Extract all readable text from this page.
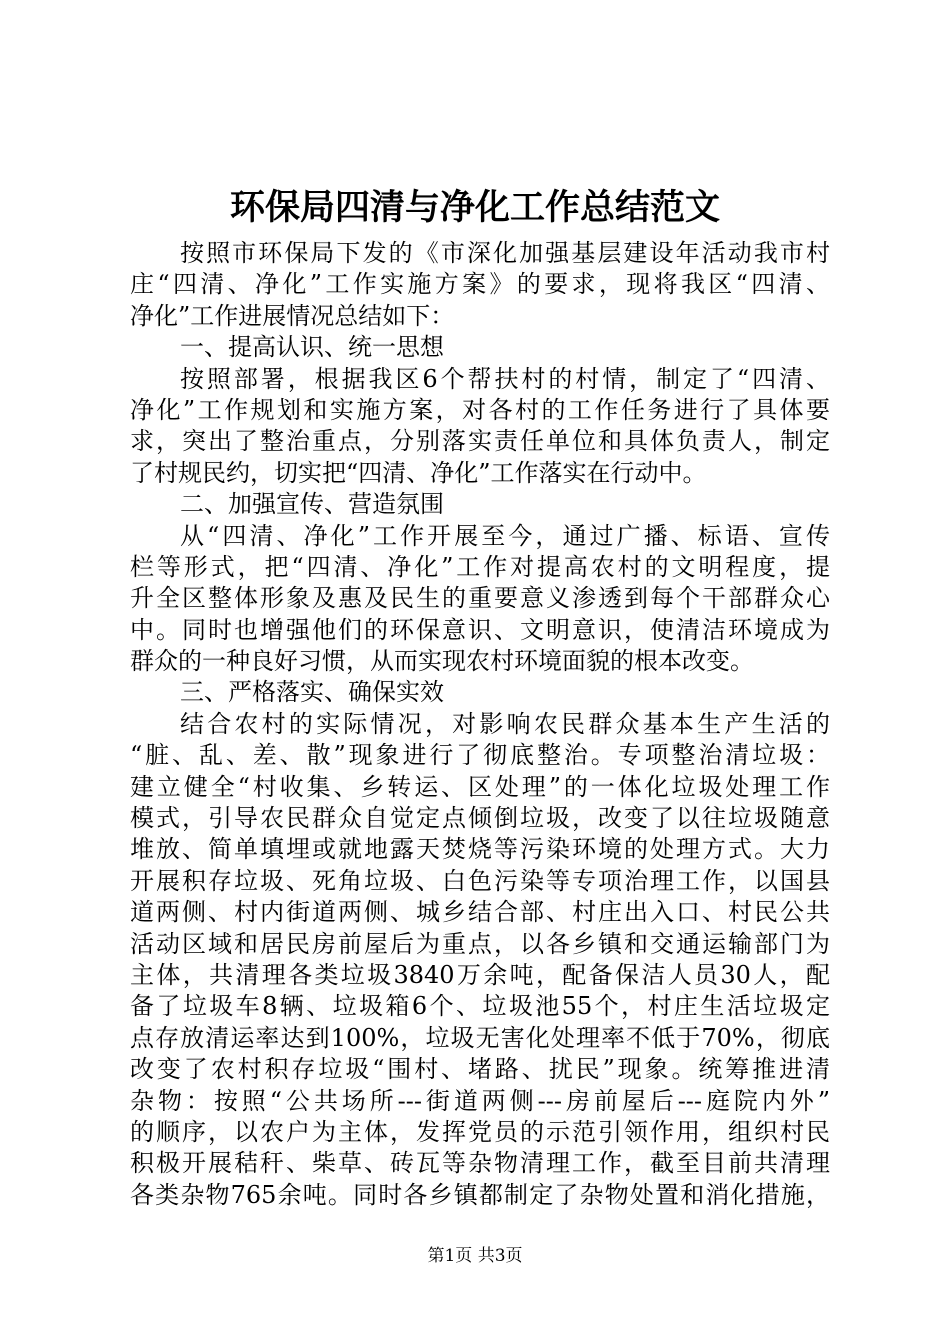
环保局四清与净化工作总结范文
按照市环保局下发的《市深化加强基层建设年活动我市村
庄“四清、净化”工作实施方案》的要求，现将我区“四清、
净化”工作进展情况总结如下：
一、提高认识、统一思想
按照部署，根据我区6个帮扶村的村情，制定了“四清、
净化”工作规划和实施方案，对各村的工作任务进行了具体要
求，突出了整治重点，分别落实责任单位和具体负责人，制定
了村规民约，切实把“四清、净化”工作落实在行动中。
二、加强宣传、营造氛围
从“四清、净化”工作开展至今，通过广播、标语、宣传
栏等形式，把“四清、净化”工作对提高农村的文明程度，提
升全区整体形象及惠及民生的重要意义渗透到每个干部群众心
中。同时也增强他们的环保意识、文明意识，使清洁环境成为
群众的一种良好习惯，从而实现农村环境面貌的根本改变。
三、严格落实、确保实效
结合农村的实际情况，对影响农民群众基本生产生活的
“脏、乱、差、散”现象进行了彻底整治。专项整治清垃圾：
建立健全“村收集、乡转运、区处理”的一体化垃圾处理工作
模式，引导农民群众自觉定点倾倒垃圾，改变了以往垃圾随意
堆放、简单填埋或就地露天焚烧等污染环境的处理方式。大力
开展积存垃圾、死角垃圾、白色污染等专项治理工作，以国县
道两侧、村内街道两侧、城乡结合部、村庄出入口、村民公共
活动区域和居民房前屋后为重点，以各乡镇和交通运输部门为
主体，共清理各类垃圾3840万余吨，配备保洁人员30人，配
备了垃圾车8辆、垃圾箱6个、垃圾池55个，村庄生活垃圾定
点存放清运率达到100%，垃圾无害化处理率不低于70%，彻底
改变了农村积存垃圾“围村、堵路、扰民”现象。统筹推进清
杂物：按照“公共场所---街道两侧---房前屋后---庭院内外”
的顺序，以农户为主体，发挥党员的示范引领作用，组织村民
积极开展秸秆、柴草、砖瓦等杂物清理工作，截至目前共清理
各类杂物765余吨。同时各乡镇都制定了杂物处置和消化措施，
第1页 共3页
